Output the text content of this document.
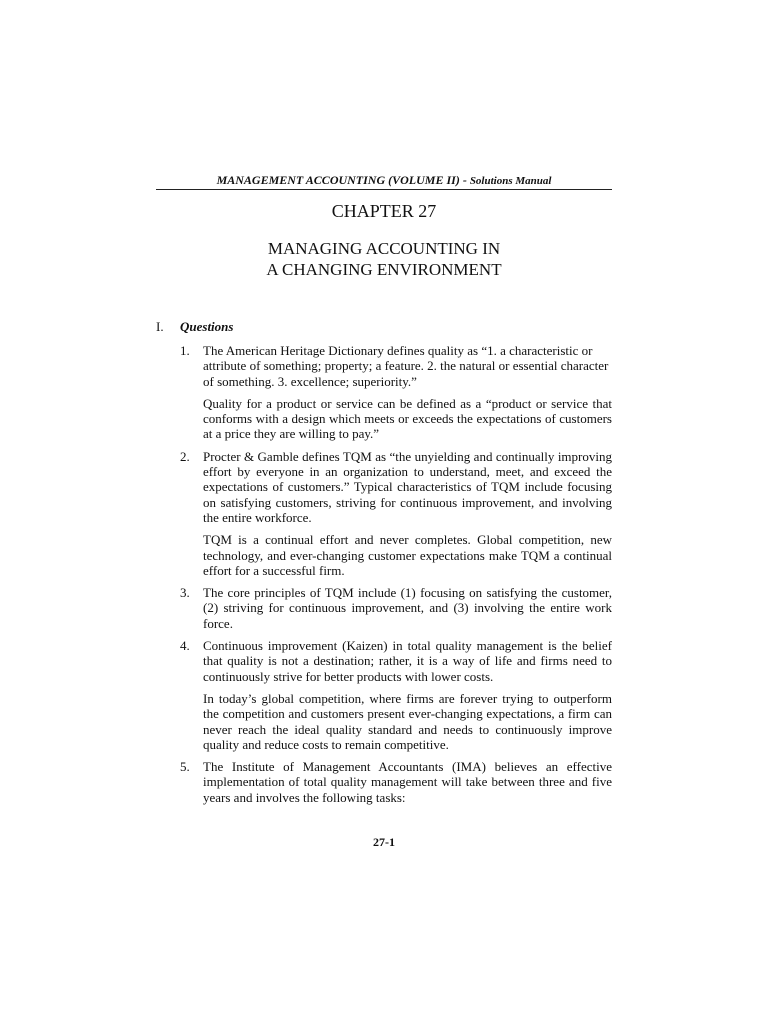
MANAGEMENT ACCOUNTING (VOLUME II) - Solutions Manual
CHAPTER 27
MANAGING ACCOUNTING IN
A CHANGING ENVIRONMENT
I. Questions
1. The American Heritage Dictionary defines quality as “1. a characteristic or attribute of something; property; a feature. 2. the natural or essential character of something. 3. excellence; superiority.”

Quality for a product or service can be defined as a “product or service that conforms with a design which meets or exceeds the expectations of customers at a price they are willing to pay.”

2. Procter & Gamble defines TQM as “the unyielding and continually improving effort by everyone in an organization to understand, meet, and exceed the expectations of customers.” Typical characteristics of TQM include focusing on satisfying customers, striving for continuous improvement, and involving the entire workforce.

TQM is a continual effort and never completes. Global competition, new technology, and ever-changing customer expectations make TQM a continual effort for a successful firm.

3. The core principles of TQM include (1) focusing on satisfying the customer, (2) striving for continuous improvement, and (3) involving the entire work force.

4. Continuous improvement (Kaizen) in total quality management is the belief that quality is not a destination; rather, it is a way of life and firms need to continuously strive for better products with lower costs.

In today’s global competition, where firms are forever trying to outperform the competition and customers present ever-changing expectations, a firm can never reach the ideal quality standard and needs to continuously improve quality and reduce costs to remain competitive.

5. The Institute of Management Accountants (IMA) believes an effective implementation of total quality management will take between three and five years and involves the following tasks:

27-1
